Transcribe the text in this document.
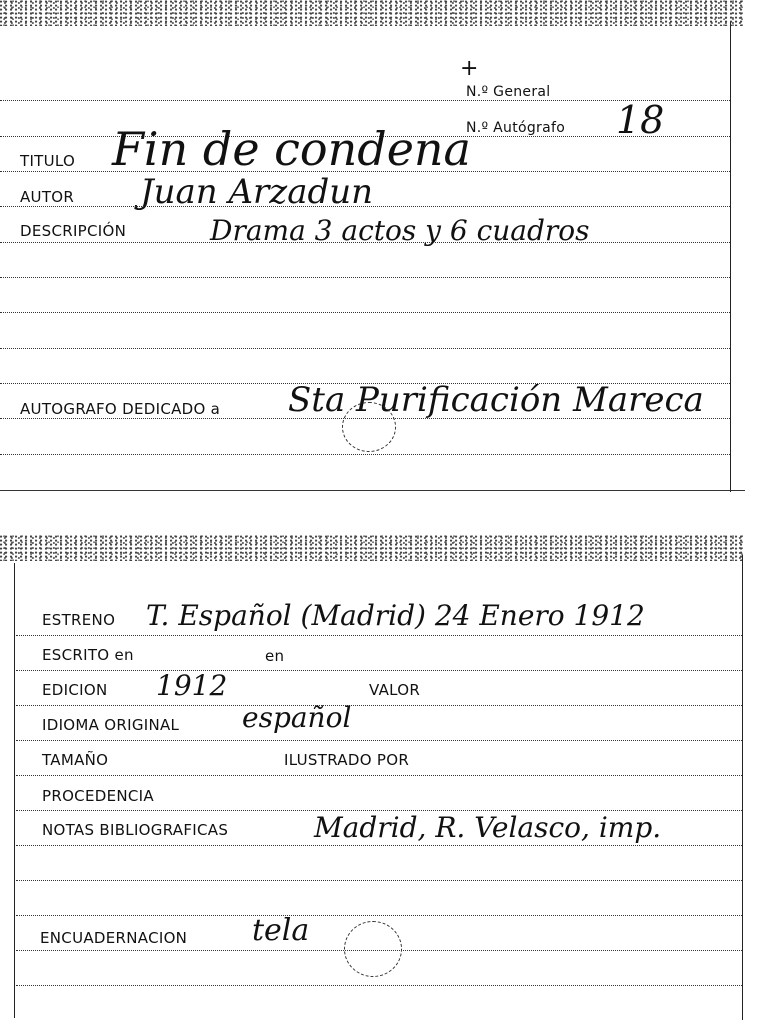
+
N.º General
N.º Autógrafo 18
TITULO Fin de condena
AUTOR Juan Arzadun
DESCRIPCIÓN	Drama 3 actos y 6 cuadros
AUTOGRAFO DEDICADO a Sta Purificación Mareca
ESTRENO T. Español (Madrid) 24 Enero 1912
ESCRITO en	en
EDICION 1912	VALOR
IDIOMA ORIGINAL español
TAMAÑO	ILUSTRADO POR
PROCEDENCIA
NOTAS BIBLIOGRAFICAS	Madrid, R. Velasco, imp.
ENCUADERNACION tela
